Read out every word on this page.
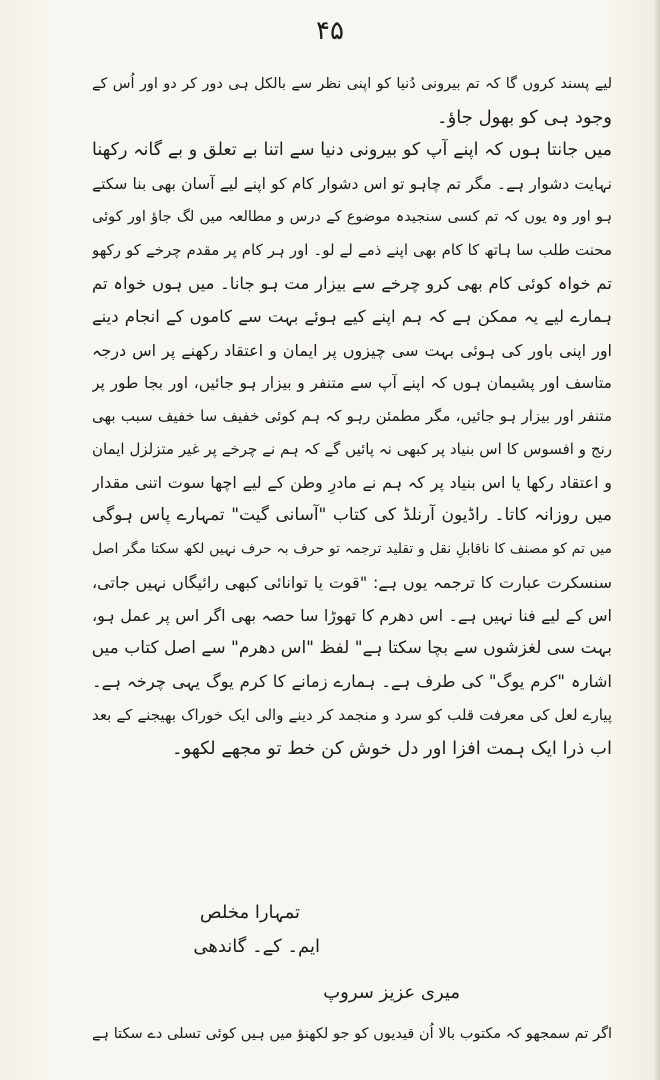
۴۵
لیے پسند کروں گا کہ تم بیرونی دُنیا کو اپنی نظر سے بالکل ہی دور کر دو اور اُس کے
وجود ہی کو بھول جاؤ۔
میں جانتا ہوں کہ اپنے آپ کو بیرونی دنیا سے اتنا بے تعلق و بے گانہ رکھنا
نہایت دشوار ہے۔ مگر تم چاہو تو اس دشوار کام کو اپنے لیے آسان بھی بنا سکتے
ہو اور وہ یوں کہ تم کسی سنجیدہ موضوع کے درس و مطالعہ میں لگ جاؤ اور کوئی
محنت طلب سا ہاتھ کا کام بھی اپنے ذمے لے لو۔ اور ہر کام پر مقدم چرخے کو رکھو
تم خواہ کوئی کام بھی کرو چرخے سے بیزار مت ہو جانا۔ میں ہوں خواہ تم
ہمارے لیے یہ ممکن ہے کہ ہم اپنے کیے ہوئے بہت سے کاموں کے انجام دینے
اور اپنی باور کی ہوئی بہت سی چیزوں پر ایمان و اعتقاد رکھنے پر اس درجہ
متاسف اور پشیمان ہوں کہ اپنے آپ سے متنفر و بیزار ہو جائیں، اور بجا طور پر
متنفر اور بیزار ہو جائیں، مگر مطمئن رہو کہ ہم کوئی خفیف سا خفیف سبب بھی
رنج و افسوس کا اس بنیاد پر کبھی نہ پائیں گے کہ ہم نے چرخے پر غیر متزلزل ایمان
و اعتقاد رکھا یا اس بنیاد پر کہ ہم نے مادرِ وطن کے لیے اچھا سوت اتنی مقدار
میں روزانہ کاتا۔ راڈیون آرنلڈ کی کتاب "آسانی گیت" تمہارے پاس ہوگی
میں تم کو مصنف کا ناقابلِ نقل و تقلید ترجمہ تو حرف بہ حرف نہیں لکھ سکتا مگر اصل
سنسکرت عبارت کا ترجمہ یوں ہے: "قوت یا توانائی کبھی رائیگاں نہیں جاتی،
اس کے لیے فنا نہیں ہے۔ اس دھرم کا تھوڑا سا حصہ بھی اگر اس پر عمل ہو،
بہت سی لغزشوں سے بچا سکتا ہے" لفظ "اس دھرم" سے اصل کتاب میں
اشارہ "کرم یوگ" کی طرف ہے۔ ہمارے زمانے کا کرم یوگ یہی چرخہ ہے۔
پیارے لعل کی معرفت قلب کو سرد و منجمد کر دینے والی ایک خوراک بھیجنے کے بعد
اب ذرا ایک ہمت افزا اور دل خوش کن خط تو مجھے لکھو۔
تمہارا مخلص
ایم۔ کے۔ گاندھی
میری عزیز سروپ
اگر تم سمجھو کہ مکتوب بالا اُن قیدیوں کو جو لکھنؤ میں ہیں کوئی تسلی دے سکتا ہے
